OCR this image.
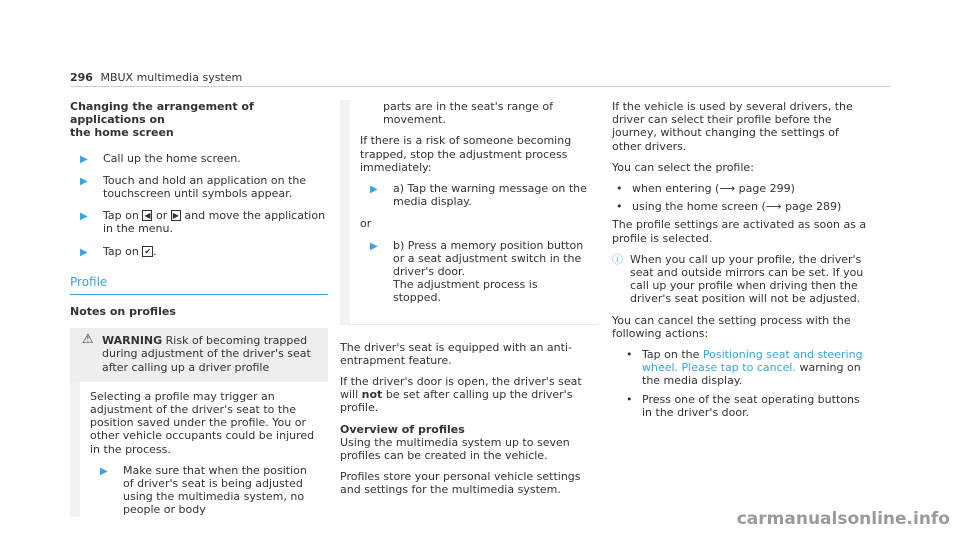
296 MBUX multimedia system
Changing the arrangement of applications on
the home screen
▶ Call up the home screen.
▶ Touch and hold an application on the touchscreen until symbols appear.
▶ Tap on ◀ or ▶ and move the application in the menu.
▶ Tap on ✔ .
Profile
Notes on profiles
⚠ WARNING Risk of becoming trapped during adjustment of the driver's seat after calling up a driver profile
Selecting a profile may trigger an adjustment of the driver's seat to the position saved under the profile. You or other vehicle occupants could be injured in the process.
▶ Make sure that when the position of driver's seat is being adjusted using the multimedia system, no people or body
parts are in the seat's range of movement.
If there is a risk of someone becoming trapped, stop the adjustment process immediately:
▶ a) Tap the warning message on the media display.
or
▶ b) Press a memory position button or a seat adjustment switch in the driver's door.
The adjustment process is stopped.
The driver's seat is equipped with an anti-entrapment feature.
If the driver's door is open, the driver's seat will not be set after calling up the driver's profile.
Overview of profiles
Using the multimedia system up to seven profiles can be created in the vehicle.
Profiles store your personal vehicle settings and settings for the multimedia system.
If the vehicle is used by several drivers, the driver can select their profile before the journey, without changing the settings of other drivers.
You can select the profile:
• when entering (⟶ page 299)
• using the home screen (⟶ page 289)
The profile settings are activated as soon as a profile is selected.
ⓘ When you call up your profile, the driver's seat and outside mirrors can be set. If you call up your profile when driving then the driver's seat position will not be adjusted.
You can cancel the setting process with the following actions:
• Tap on the Positioning seat and steering wheel. Please tap to cancel. warning on the media display.
• Press one of the seat operating buttons in the driver's door.
carmanualsonline.info
